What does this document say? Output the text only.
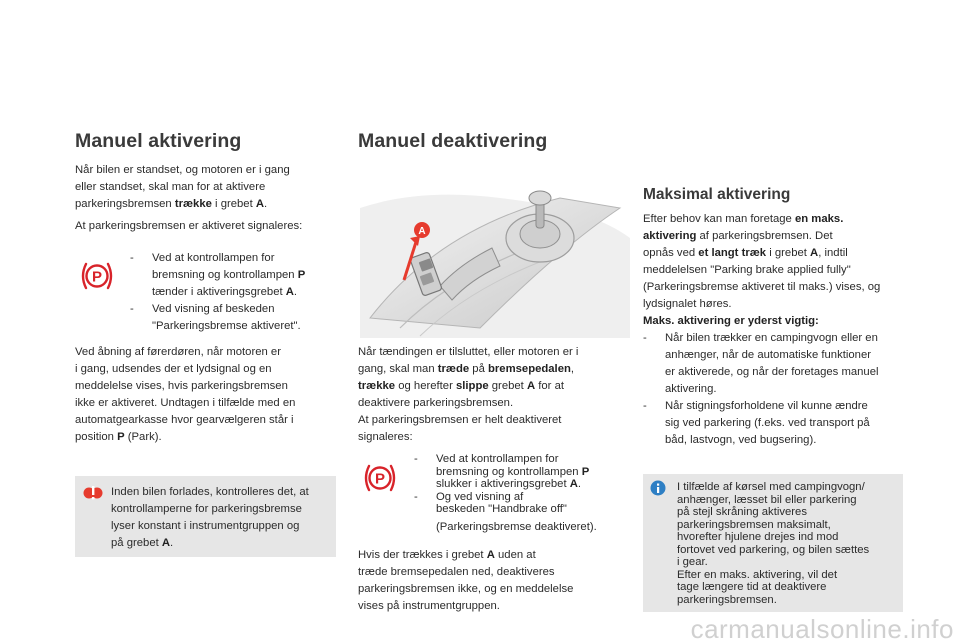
Manuel aktivering

Når bilen er standset, og motoren er i gang
eller standset, skal man for at aktivere
parkeringsbremsen trække i grebet A.

At parkeringsbremsen er aktiveret signaleres:

P
-	Ved at kontrollampen for
bremsning og kontrollampen P
tænder i aktiveringsgrebet A.
-	Ved visning af beskeden
"Parkeringsbremse aktiveret".

Ved åbning af førerdøren, når motoren er
i gang, udsendes der et lydsignal og en
meddelelse vises, hvis parkeringsbremsen
ikke er aktiveret. Undtagen i tilfælde med en
automatgearkasse hvor gearvælgeren står i
position P (Park).

Inden bilen forlades, kontrolleres det, at
kontrollamperne for parkeringsbremse
lyser konstant i instrumentgruppen og
på grebet A.

Manuel deaktivering
A

Når tændingen er tilsluttet, eller motoren er i
gang, skal man træde på bremsepedalen,
trække og herefter slippe grebet A for at
deaktivere parkeringsbremsen.

At parkeringsbremsen er helt deaktiveret
signaleres:

P
-	Ved at kontrollampen for
bremsning og kontrollampen P
slukker i aktiveringsgrebet A.
-	Og ved visning af
beskeden "Handbrake off"
(Parkeringsbremse deaktiveret).

Hvis der trækkes i grebet A uden at
træde bremsepedalen ned, deaktiveres
parkeringsbremsen ikke, og en meddelelse
vises på instrumentgruppen.

Maksimal aktivering

Efter behov kan man foretage en maks.
aktivering af parkeringsbremsen. Det
opnås ved et langt træk i grebet A, indtil
meddelelsen "Parking brake applied fully"
(Parkeringsbremse aktiveret til maks.) vises, og
lydsignalet høres.

Maks. aktivering er yderst vigtig:

-	Når bilen trækker en campingvogn eller en
anhænger, når de automatiske funktioner
er aktiverede, og når der foretages manuel
aktivering.
-	Når stigningsforholdene vil kunne ændre
sig ved parkering (f.eks. ved transport på
båd, lastvogn, ved bugsering).

I tilfælde af kørsel med campingvogn/
anhænger, læsset bil eller parkering
på stejl skråning aktiveres
parkeringsbremsen maksimalt,
hvorefter hjulene drejes ind mod
fortovet ved parkering, og bilen sættes
i gear.
Efter en maks. aktivering, vil det
tage længere tid at deaktivere
parkeringsbremsen.

carmanualsonline.info
